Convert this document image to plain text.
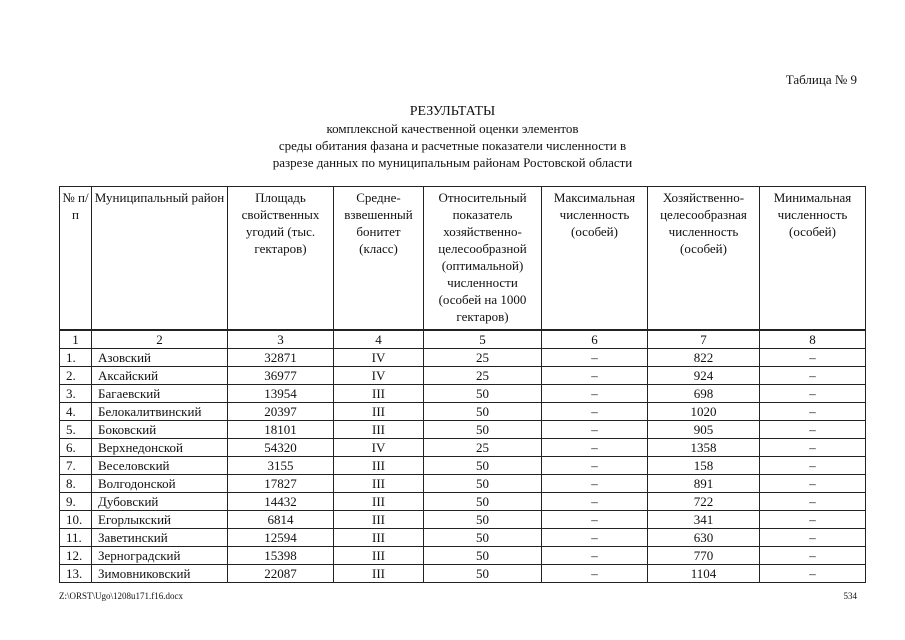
Таблица № 9
РЕЗУЛЬТАТЫ
комплексной качественной оценки элементов
среды обитания фазана и расчетные показатели численности в
разрезе данных по муниципальным районам Ростовской области
№ п/п	Муниципальный район	Площадь свойственных угодий (тыс. гектаров)	Средне-взвешенный бонитет (класс)	Относительный показатель хозяйственно-целесообразной (оптимальной) численности (особей на 1000 гектаров)	Максимальная численность (особей)	Хозяйственно-целесообразная численность (особей)	Минимальная численность (особей)
1	2	3	4	5	6	7	8
1.	Азовский	32871	IV	25	–	822	–
2.	Аксайский	36977	IV	25	–	924	–
3.	Багаевский	13954	III	50	–	698	–
4.	Белокалитвинский	20397	III	50	–	1020	–
5.	Боковский	18101	III	50	–	905	–
6.	Верхнедонской	54320	IV	25	–	1358	–
7.	Веселовский	3155	III	50	–	158	–
8.	Волгодонской	17827	III	50	–	891	–
9.	Дубовский	14432	III	50	–	722	–
10.	Егорлыкский	6814	III	50	–	341	–
11.	Заветинский	12594	III	50	–	630	–
12.	Зерноградский	15398	III	50	–	770	–
13.	Зимовниковский	22087	III	50	–	1104	–
Z:\ORST\Ugo\1208u171.f16.docx	534
